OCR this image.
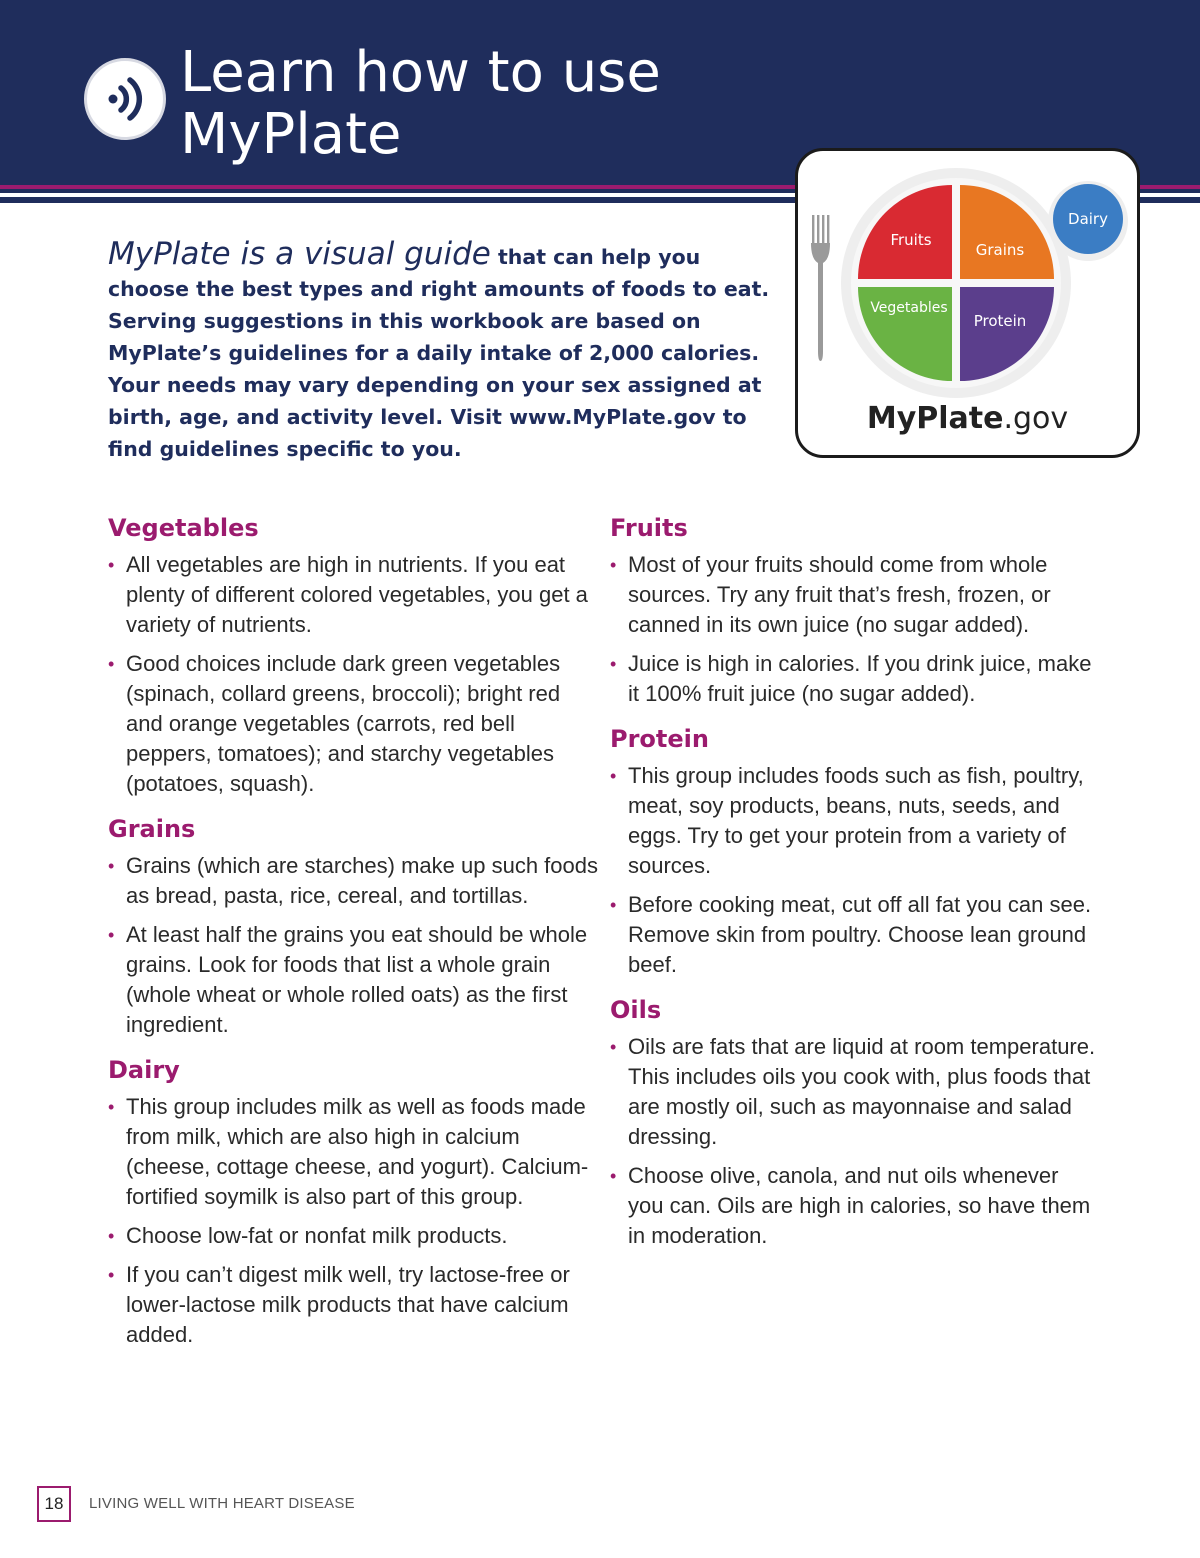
Learn how to use
MyPlate

MyPlate is a visual guide that can help you choose the best types and right amounts of foods to eat. Serving suggestions in this workbook are based on MyPlate’s guidelines for a daily intake of 2,000 calories. Your needs may vary depending on your sex assigned at birth, age, and activity level. Visit www.MyPlate.gov to find guidelines specific to you.

Fruits
Grains
Vegetables
Protein
Dairy
MyPlate.gov
Vegetables
• All vegetables are high in nutrients. If you eat plenty of different colored vegetables, you get a variety of nutrients.
• Good choices include dark green vegetables (spinach, collard greens, broccoli); bright red and orange vegetables (carrots, red bell peppers, tomatoes); and starchy vegetables (potatoes, squash).
Grains
• Grains (which are starches) make up such foods as bread, pasta, rice, cereal, and tortillas.
• At least half the grains you eat should be whole grains. Look for foods that list a whole grain (whole wheat or whole rolled oats) as the first ingredient.
Dairy
• This group includes milk as well as foods made from milk, which are also high in calcium (cheese, cottage cheese, and yogurt). Calcium-fortified soymilk is also part of this group.
• Choose low-fat or nonfat milk products.
• If you can’t digest milk well, try lactose-free or lower-lactose milk products that have calcium added.
Fruits
• Most of your fruits should come from whole sources. Try any fruit that’s fresh, frozen, or canned in its own juice (no sugar added).
• Juice is high in calories. If you drink juice, make it 100% fruit juice (no sugar added).
Protein
• This group includes foods such as fish, poultry, meat, soy products, beans, nuts, seeds, and eggs. Try to get your protein from a variety of sources.
• Before cooking meat, cut off all fat you can see. Remove skin from poultry. Choose lean ground beef.
Oils
• Oils are fats that are liquid at room temperature. This includes oils you cook with, plus foods that are mostly oil, such as mayonnaise and salad dressing.
• Choose olive, canola, and nut oils whenever you can. Oils are high in calories, so have them in moderation.
18	LIVING WELL WITH HEART DISEASE
